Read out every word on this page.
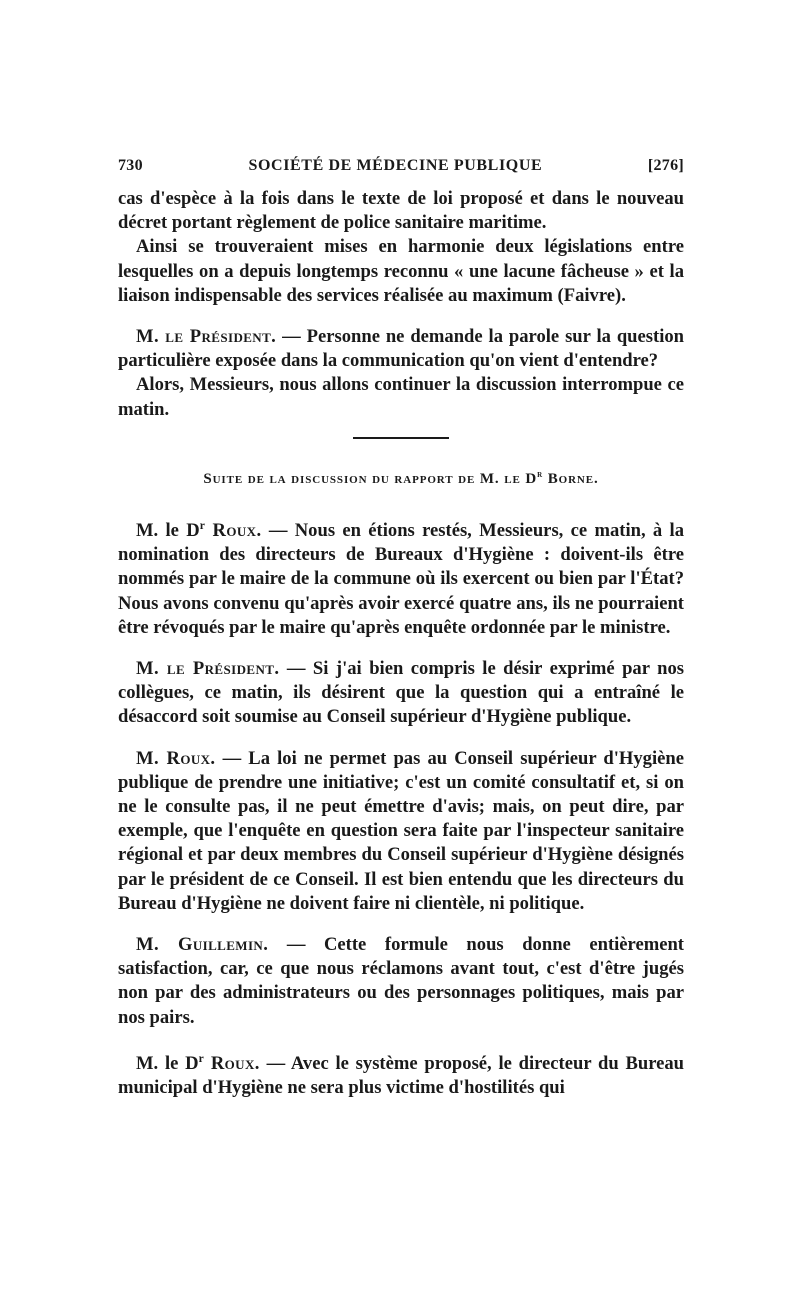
730	SOCIÉTÉ DE MÉDECINE PUBLIQUE	[276]

cas d'espèce à la fois dans le texte de loi proposé et dans le nouveau décret portant règlement de police sanitaire maritime.

Ainsi se trouveraient mises en harmonie deux législations entre lesquelles on a depuis longtemps reconnu « une lacune fâcheuse » et la liaison indispensable des services réalisée au maximum (Faivre).

M. le Président. — Personne ne demande la parole sur la question particulière exposée dans la communication qu'on vient d'entendre?

Alors, Messieurs, nous allons continuer la discussion interrompue ce matin.

Suite de la discussion du rapport de M. le $D^r$ Borne.

M. le $D^r$ Roux. — Nous en étions restés, Messieurs, ce matin, à la nomination des directeurs de Bureaux d'Hygiène : doivent-ils être nommés par le maire de la commune où ils exercent ou bien par l'État? Nous avons convenu qu'après avoir exercé quatre ans, ils ne pourraient être révoqués par le maire qu'après enquête ordonnée par le ministre.

M. le Président. — Si j'ai bien compris le désir exprimé par nos collègues, ce matin, ils désirent que la question qui a entraîné le désaccord soit soumise au Conseil supérieur d'Hygiène publique.

M. Roux. — La loi ne permet pas au Conseil supérieur d'Hygiène publique de prendre une initiative; c'est un comité consultatif et, si on ne le consulte pas, il ne peut émettre d'avis; mais, on peut dire, par exemple, que l'enquête en question sera faite par l'inspecteur sanitaire régional et par deux membres du Conseil supérieur d'Hygiène désignés par le président de ce Conseil. Il est bien entendu que les directeurs du Bureau d'Hygiène ne doivent faire ni clientèle, ni politique.

M. Guillemin. — Cette formule nous donne entièrement satisfaction, car, ce que nous réclamons avant tout, c'est d'être jugés non par des administrateurs ou des personnages politiques, mais par nos pairs.

M. le $D^r$ Roux. — Avec le système proposé, le directeur du Bureau municipal d'Hygiène ne sera plus victime d'hostilités qui
